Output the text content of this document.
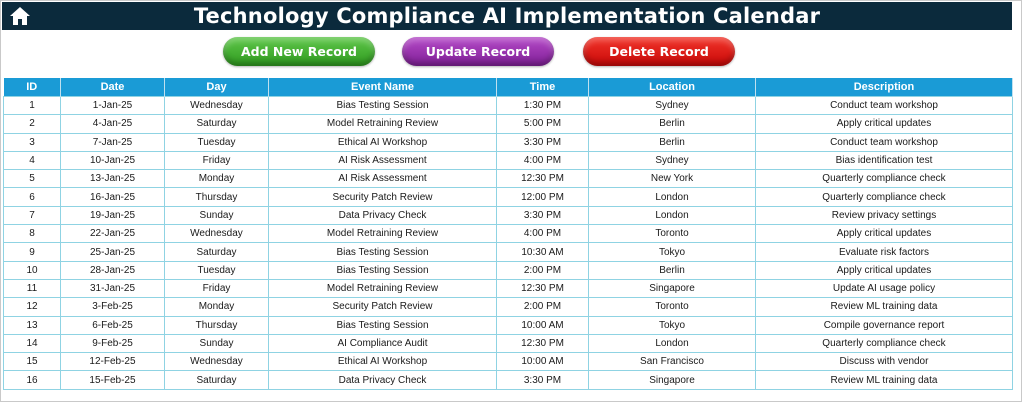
Technology Compliance AI Implementation Calendar
Add New Record	Update Record	Delete Record
ID	Date	Day	Event Name	Time	Location	Description
1	1-Jan-25	Wednesday	Bias Testing Session	1:30 PM	Sydney	Conduct team workshop
2	4-Jan-25	Saturday	Model Retraining Review	5:00 PM	Berlin	Apply critical updates
3	7-Jan-25	Tuesday	Ethical AI Workshop	3:30 PM	Berlin	Conduct team workshop
4	10-Jan-25	Friday	AI Risk Assessment	4:00 PM	Sydney	Bias identification test
5	13-Jan-25	Monday	AI Risk Assessment	12:30 PM	New York	Quarterly compliance check
6	16-Jan-25	Thursday	Security Patch Review	12:00 PM	London	Quarterly compliance check
7	19-Jan-25	Sunday	Data Privacy Check	3:30 PM	London	Review privacy settings
8	22-Jan-25	Wednesday	Model Retraining Review	4:00 PM	Toronto	Apply critical updates
9	25-Jan-25	Saturday	Bias Testing Session	10:30 AM	Tokyo	Evaluate risk factors
10	28-Jan-25	Tuesday	Bias Testing Session	2:00 PM	Berlin	Apply critical updates
11	31-Jan-25	Friday	Model Retraining Review	12:30 PM	Singapore	Update AI usage policy
12	3-Feb-25	Monday	Security Patch Review	2:00 PM	Toronto	Review ML training data
13	6-Feb-25	Thursday	Bias Testing Session	10:00 AM	Tokyo	Compile governance report
14	9-Feb-25	Sunday	AI Compliance Audit	12:30 PM	London	Quarterly compliance check
15	12-Feb-25	Wednesday	Ethical AI Workshop	10:00 AM	San Francisco	Discuss with vendor
16	15-Feb-25	Saturday	Data Privacy Check	3:30 PM	Singapore	Review ML training data
